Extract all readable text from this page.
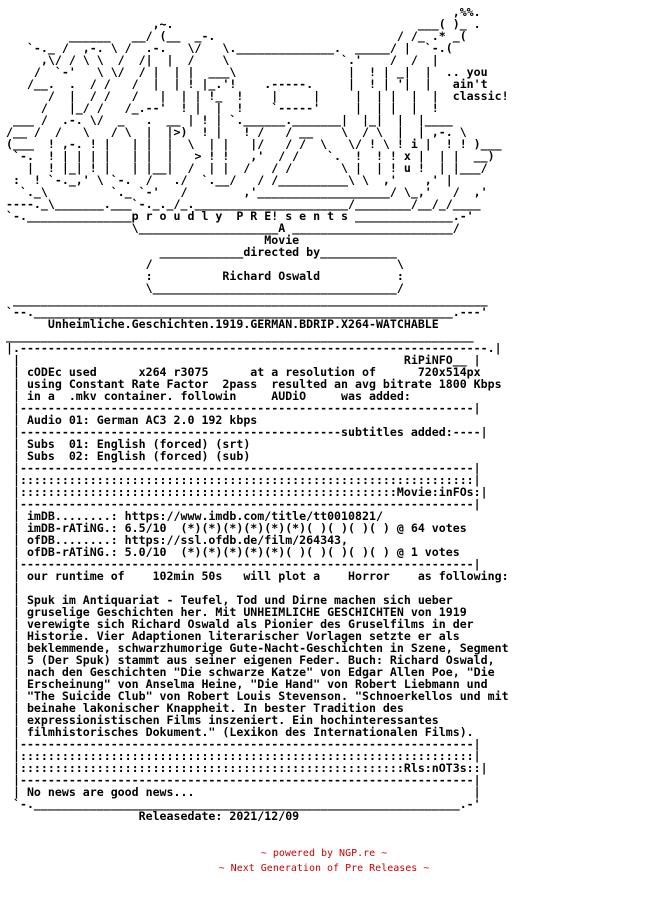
,%%.
,~.                                   ___( )_ .
______   __/ (__  _-.                          / /_ .* _(
`-._ /  ,-. \ /  .-.   \/   \.______________.  _____/ |  `-.(
,\/ / \ \  /  /|  |  /    \                `.'    /  /  |
/  `-'   \ \/  / |  | |  ___\                |  ! | _|  |  .. you
/__.  .  / /   /  |  | ! |_.'!    .-----.     |  ! | '|  |   ain't
/  |  / /   /   |  | | !_  !    |     |     |  | |  |  |  classic!
/   |_/ /   /_.--'  ! |  |  !    `-----'     |  | |  |  !
___ /  .-. \/  _   .  __ | ! | `.______._______|  |_|  |  |____
/__ /  /   \   / \  |  |>)  ! |   ! /   / __    \  / \  |  | ,-. \
(___  ! ,-. ! |   | |  |  \  | |   |/   / /  \   \/ ! \ ! i |  ! ! )___
`-.  ! | | | |   | |  |   > ! !   ,'  / /    `.  !  ! ! x |  | |  __)
|  ! |_| ! |   | |__|  /  | |  /   / /       \ |  | ! u !  | |___/
:  ! `-._,' \ `-.  /   ./  `.__/   / /__________\ \  ,'    ,' |
`._\         `._ `-'   /        ,'___________________/ \_,'   /  ,'
----._\_______.___`-._._/_.______________________/________/__/_/____
`-._______________p r o u d l y  P R E! s e n t s ______________.-'
\____________________A _______________________/
Movie
____________directed by___________
/                                   \
:          Richard Oswald           :
\___________________________________/
____________________________________________________________________
`--.____________________________________________________________.---'
Unheimliche.Geschichten.1919.GERMAN.BDRIP.X264-WATCHABLE
___________________________________________________________________
|.-------------------------------------------------------------------.|
|                                                       RiPiNFO__ |
| cODEc used      x264 r3075      at a resolution of      720x514px
| using Constant Rate Factor  2pass  resulted an avg bitrate 1800 Kbps
| in a  .mkv container. followin     AUDiO     was added:
|-----------------------------------------------------------------|
| Audio 01: German AC3 2.0 192 kbps
|----------------------------------------------subtitles added:----|
| Subs  01: English (forced) (srt)
| Subs  02: English (forced) (sub)
|-----------------------------------------------------------------|
|:::::::::::::::::::::::::::::::::::::::::::::::::::::::::::::::::|
|::::::::::::::::::::::::::::::::::::::::::::::::::::::Movie:inFOs:|
|-----------------------------------------------------------------|
| imDB........: https://www.imdb.com/title/tt0010821/
| imDB-rATiNG.: 6.5/10  (*)(*)(*)(*)(*)(*)( )( )( )( ) @ 64 votes
| ofDB........: https://ssl.ofdb.de/film/264343,
| ofDB-rATiNG.: 5.0/10  (*)(*)(*)(*)(*)( )( )( )( )( ) @ 1 votes
|-----------------------------------------------------------------|
| our runtime of    102min 50s   will plot a    Horror    as following:
|
| Spuk im Antiquariat - Teufel, Tod und Dirne machen sich ueber
| gruselige Geschichten her. Mit UNHEIMLICHE GESCHICHTEN von 1919
| verewigte sich Richard Oswald als Pionier des Gruselfilms in der
| Historie. Vier Adaptionen literarischer Vorlagen setzte er als
| beklemmende, schwarzhumorige Gute-Nacht-Geschichten in Szene, Segment
| 5 (Der Spuk) stammt aus seiner eigenen Feder. Buch: Richard Oswald,
| nach den Geschichten "Die schwarze Katze" von Edgar Allen Poe, "Die
| Erscheinung" von Anselma Heine, "Die Hand" von Robert Liebmann und
| "The Suicide Club" von Robert Louis Stevenson. "Schnoerkellos und mit
| beinahe lakonischer Knappheit. In bester Tradition des
| expressionistischen Films inszeniert. Ein hochinteressantes
| filmhistorisches Dokument." (Lexikon des Internationalen Films).
|-----------------------------------------------------------------|
|:::::::::::::::::::::::::::::::::::::::::::::::::::::::::::::::::|
|:::::::::::::::::::::::::::::::::::::::::::::::::::::::Rls:nOT3s::|
|-----------------------------------------------------------------|
| No news are good news...                                        |
`-._____________________________________________________________.-'
Releasedate: 2021/12/09
~ powered by NGP.re ~
~ Next Generation of Pre Releases ~
